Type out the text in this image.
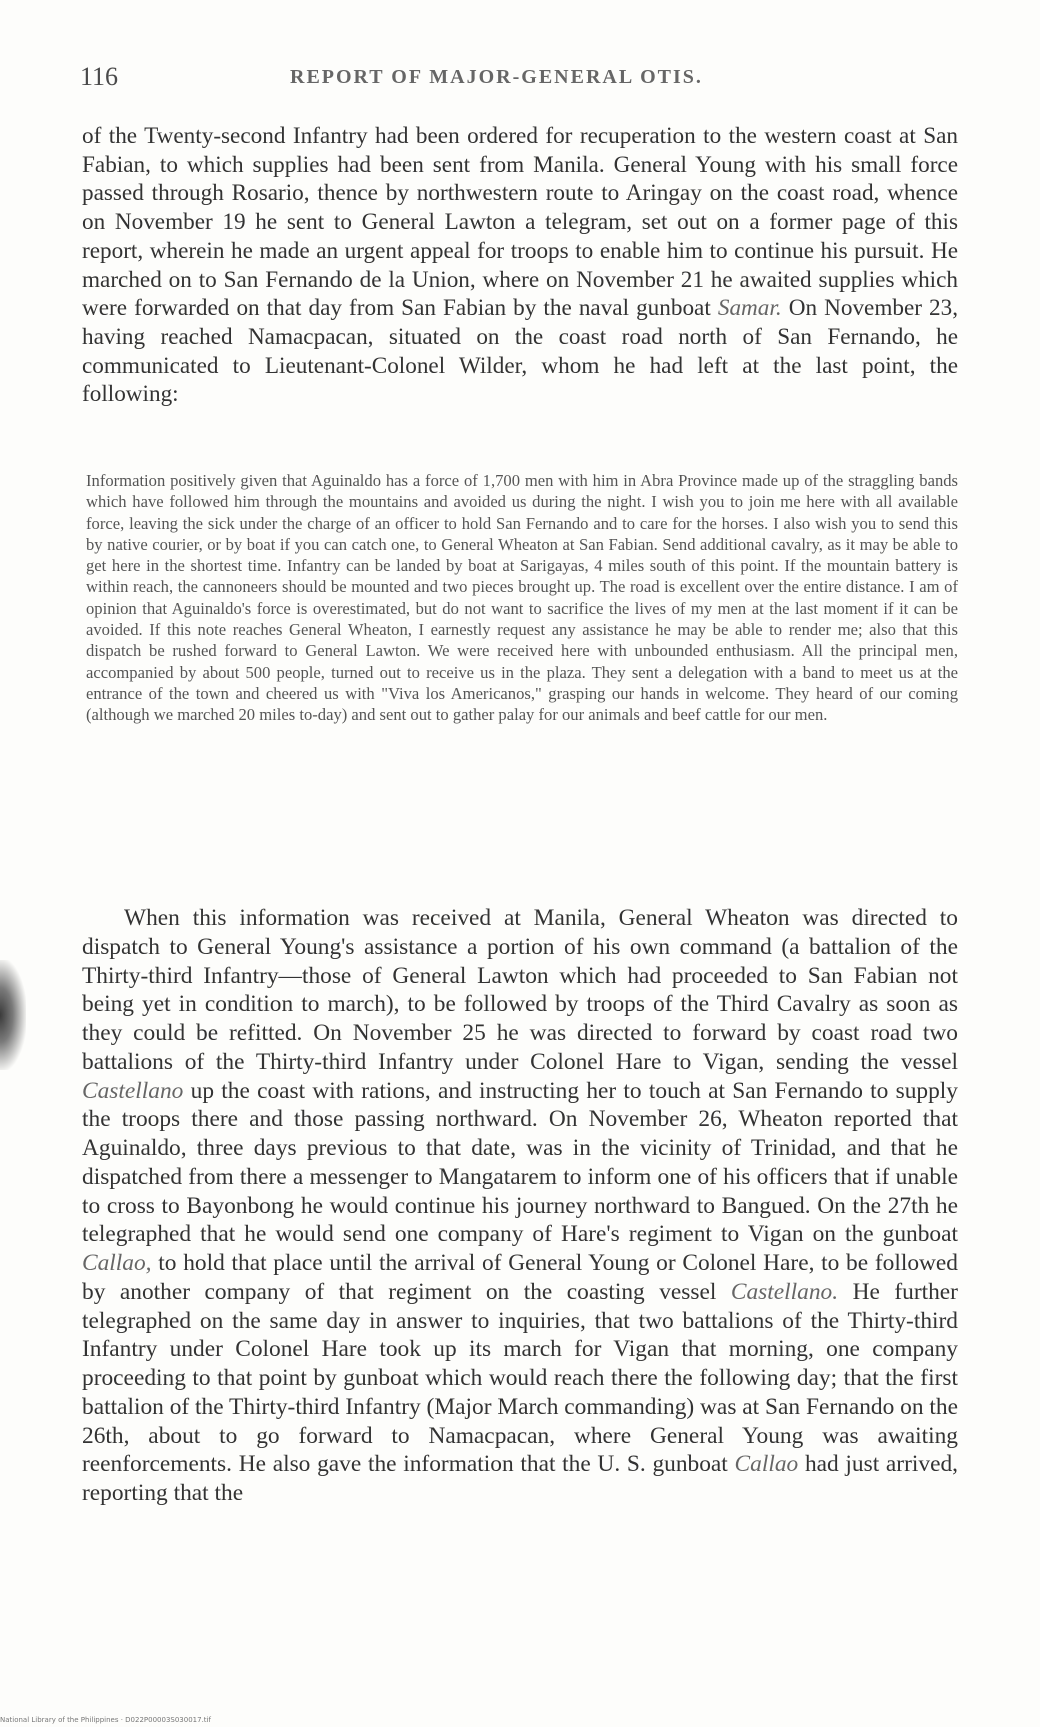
116	REPORT OF MAJOR-GENERAL OTIS.

of the Twenty-second Infantry had been ordered for recuperation to the western coast at San Fabian, to which supplies had been sent from Manila. General Young with his small force passed through Rosario, thence by northwestern route to Aringay on the coast road, whence on November 19 he sent to General Lawton a telegram, set out on a former page of this report, wherein he made an urgent appeal for troops to enable him to continue his pursuit. He marched on to San Fernando de la Union, where on November 21 he awaited supplies which were forwarded on that day from San Fabian by the naval gunboat Samar. On November 23, having reached Namacpacan, situated on the coast road north of San Fernando, he communicated to Lieutenant-Colonel Wilder, whom he had left at the last point, the following:

Information positively given that Aguinaldo has a force of 1,700 men with him in Abra Province made up of the straggling bands which have followed him through the mountains and avoided us during the night. I wish you to join me here with all available force, leaving the sick under the charge of an officer to hold San Fernando and to care for the horses. I also wish you to send this by native courier, or by boat if you can catch one, to General Wheaton at San Fabian. Send additional cavalry, as it may be able to get here in the shortest time. Infantry can be landed by boat at Sarigayas, 4 miles south of this point. If the mountain battery is within reach, the cannoneers should be mounted and two pieces brought up. The road is excellent over the entire distance. I am of opinion that Aguinaldo's force is overestimated, but do not want to sacrifice the lives of my men at the last moment if it can be avoided. If this note reaches General Wheaton, I earnestly request any assistance he may be able to render me; also that this dispatch be rushed forward to General Lawton. We were received here with unbounded enthusiasm. All the principal men, accompanied by about 500 people, turned out to receive us in the plaza. They sent a delegation with a band to meet us at the entrance of the town and cheered us with "Viva los Americanos," grasping our hands in welcome. They heard of our coming (although we marched 20 miles to-day) and sent out to gather palay for our animals and beef cattle for our men.

When this information was received at Manila, General Wheaton was directed to dispatch to General Young's assistance a portion of his own command (a battalion of the Thirty-third Infantry—those of General Lawton which had proceeded to San Fabian not being yet in condition to march), to be followed by troops of the Third Cavalry as soon as they could be refitted. On November 25 he was directed to forward by coast road two battalions of the Thirty-third Infantry under Colonel Hare to Vigan, sending the vessel Castellano up the coast with rations, and instructing her to touch at San Fernando to supply the troops there and those passing northward. On November 26, Wheaton reported that Aguinaldo, three days previous to that date, was in the vicinity of Trinidad, and that he dispatched from there a messenger to Mangatarem to inform one of his officers that if unable to cross to Bayonbong he would continue his journey northward to Bangued. On the 27th he telegraphed that he would send one company of Hare's regiment to Vigan on the gunboat Callao, to hold that place until the arrival of General Young or Colonel Hare, to be followed by another company of that regiment on the coasting vessel Castellano. He further telegraphed on the same day in answer to inquiries, that two battalions of the Thirty-third Infantry under Colonel Hare took up its march for Vigan that morning, one company proceeding to that point by gunboat which would reach there the following day; that the first battalion of the Thirty-third Infantry (Major March commanding) was at San Fernando on the 26th, about to go forward to Namacpacan, where General Young was awaiting reenforcements. He also gave the information that the U. S. gunboat Callao had just arrived, reporting that the

National Library of the Philippines · D022P00003S030017.tif
